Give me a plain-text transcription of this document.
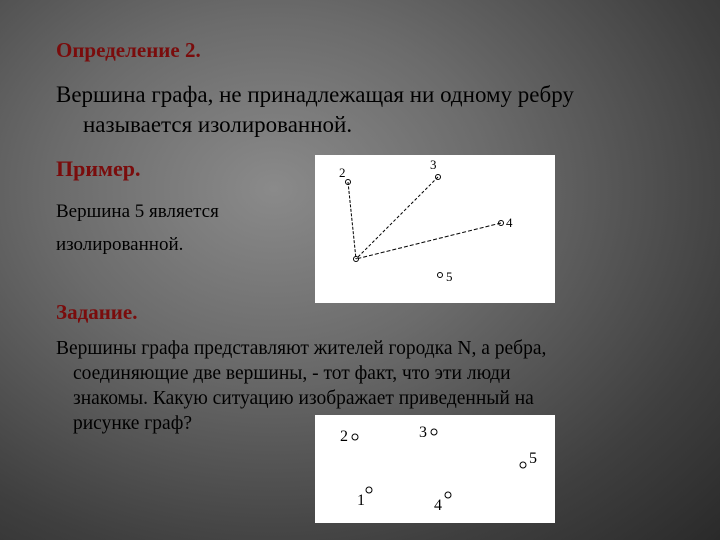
Определение 2.

Вершина графа, не принадлежащая ни одному ребру
называется изолированной.

Пример.

Вершина 5 является
изолированной.

Задание.

Вершины графа представляют жителей городка N, а ребра,
соединяющие две вершины, - тот факт, что эти люди
знакомы. Какую ситуацию изображает приведенный на
рисунке граф?

2
3
4
5
2	3
5
1	4
